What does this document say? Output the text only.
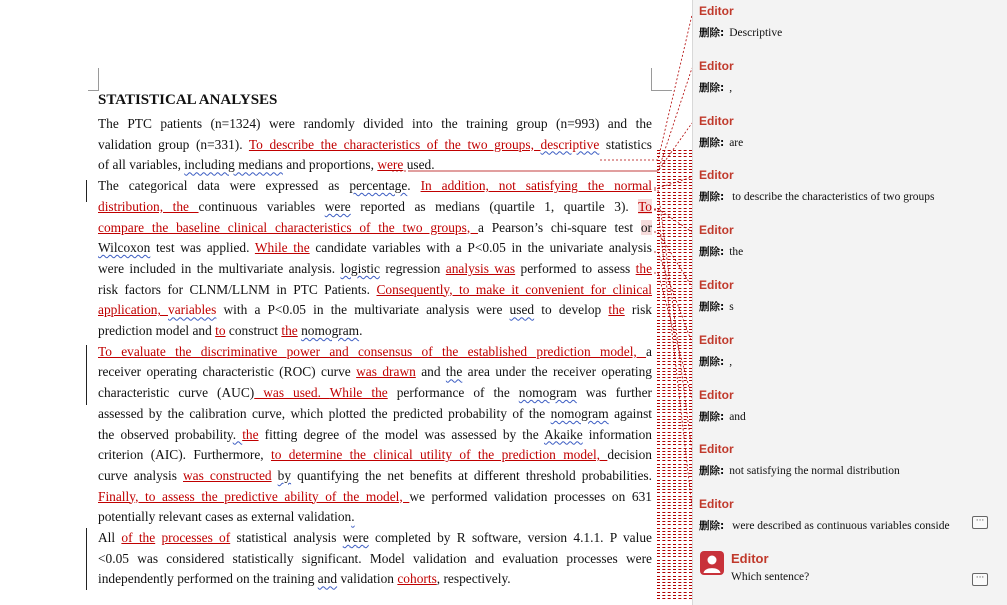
STATISTICAL ANALYSES
The PTC patients (n=1324) were randomly divided into the training group (n=993) and the
validation group (n=331). To describe the characteristics of the two groups, descriptive statistics
of all variables, including medians and proportions, were used.
The categorical data were expressed as percentage. In addition, not satisfying the normal
distribution, the continuous variables were reported as medians (quartile 1, quartile 3). To
compare the baseline clinical characteristics of the two groups, a Pearson’s chi-square test or
Wilcoxon test was applied. While the candidate variables with a P<0.05 in the univariate analysis
were included in the multivariate analysis. logistic regression analysis was performed to assess the
risk factors for CLNM/LLNM in PTC Patients. Consequently, to make it convenient for clinical
application, variables with a P<0.05 in the multivariate analysis were used to develop the risk
prediction model and to construct the nomogram.
To evaluate the discriminative power and consensus of the established prediction model, a
receiver operating characteristic (ROC) curve was drawn and the area under the receiver operating
characteristic curve (AUC) was used. While the performance of the nomogram was further
assessed by the calibration curve, which plotted the predicted probability of the nomogram against
the observed probability. the fitting degree of the model was assessed by the Akaike information
criterion (AIC). Furthermore, to determine the clinical utility of the prediction model, decision
curve analysis was constructed by quantifying the net benefits at different threshold probabilities.
Finally, to assess the predictive ability of the model, we performed validation processes on 631
potentially relevant cases as external validation.
All of the processes of statistical analysis were completed by R software, version 4.1.1. P value
<0.05 was considered statistically significant. Model validation and evaluation processes were
independently performed on the training and validation cohorts, respectively.
Editor
删除: Descriptive
Editor
删除: ,
Editor
删除: are
Editor
删除: to describe the characteristics of two groups
Editor
删除: the
Editor
删除: s
Editor
删除: ,
Editor
删除: and
Editor
删除: not satisfying the normal distribution
Editor
删除: were described as continuous variables conside	···
Editor
Which sentence?	···
